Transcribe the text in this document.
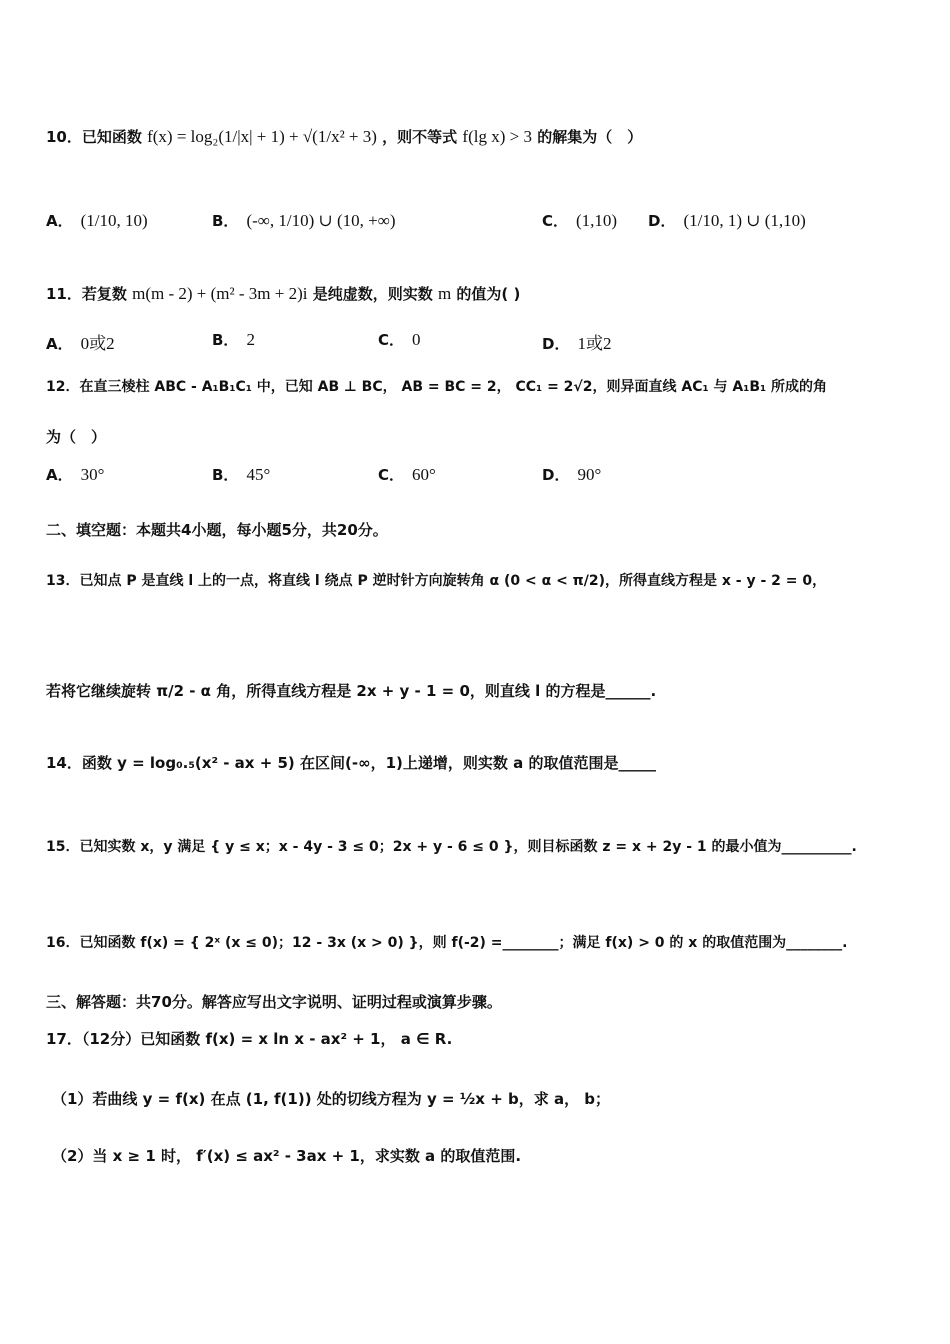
10．已知函数 f(x) = log₂(1/|x| + 1) + √(1/x² + 3) ，则不等式 f(lg x) > 3 的解集为（　）
A． (1/10, 10)	B． (-∞, 1/10) ∪ (10, +∞)	C． (1,10) D． (1/10, 1) ∪ (1,10)
11．若复数 m(m - 2) + (m² - 3m + 2)i 是纯虚数，则实数 m 的值为( )
A． 0或2	B． 2	C． 0	D． 1或2
12．在直三棱柱 ABC - A₁B₁C₁ 中，已知 AB ⊥ BC， AB = BC = 2， CC₁ = 2√2，则异面直线 AC₁ 与 A₁B₁ 所成的角
为（　）
A． 30°	B． 45°	C． 60°	D． 90°
二、填空题：本题共4小题，每小题5分，共20分。
13．已知点 P 是直线 l 上的一点，将直线 l 绕点 P 逆时针方向旋转角 α (0 < α < π/2)，所得直线方程是 x - y - 2 = 0，
若将它继续旋转 π/2 - α 角，所得直线方程是 2x + y - 1 = 0，则直线 l 的方程是______.
14．函数 y = log₀.₅(x² - ax + 5) 在区间(-∞，1)上递增，则实数 a 的取值范围是_____
15．已知实数 x，y 满足 { y ≤ x；x - 4y - 3 ≤ 0；2x + y - 6 ≤ 0 }，则目标函数 z = x + 2y - 1 的最小值为__________.
16．已知函数 f(x) = { 2ˣ (x ≤ 0)；12 - 3x (x > 0) }，则 f(-2) =________；满足 f(x) > 0 的 x 的取值范围为________.
三、解答题：共70分。解答应写出文字说明、证明过程或演算步骤。
17．（12分）已知函数 f(x) = x ln x - ax² + 1， a ∈ R.
（1）若曲线 y = f(x) 在点 (1, f(1)) 处的切线方程为 y = ½x + b，求 a， b；
（2）当 x ≥ 1 时， f′(x) ≤ ax² - 3ax + 1，求实数 a 的取值范围.
